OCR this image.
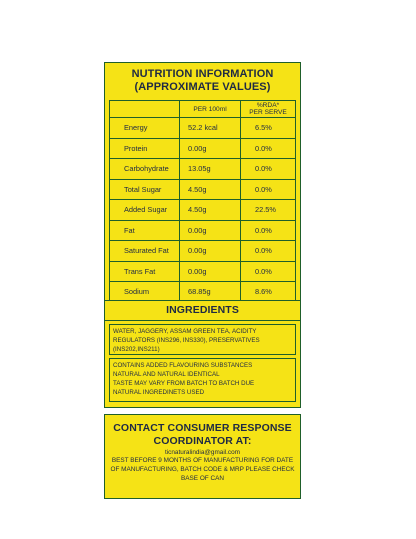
NUTRITION INFORMATION
(APPROXIMATE VALUES)
	PER 100ml	%RDA*
PER SERVE

Energy	52.2 kcal	6.5%
Protein	0.00g	0.0%
Carbohydrate	13.05g	0.0%
Total Sugar	4.50g	0.0%
Added Sugar	4.50g	22.5%
Fat	0.00g	0.0%
Saturated Fat	0.00g	0.0%
Trans Fat	0.00g	0.0%
Sodium	68.85g	8.6%
INGREDIENTS
WATER, JAGGERY, ASSAM GREEN TEA, ACIDITY REGULATORS (INS296, INS330), PRESERVATIVES (INS202,INS211)
CONTAINS ADDED FLAVOURING SUBSTANCES
NATURAL AND NATURAL IDENTICAL
TASTE MAY VARY FROM BATCH TO BATCH DUE
NATURAL INGREDINETS USED
CONTACT CONSUMER RESPONSE
COORDINATOR AT:
ticnaturalindia@gmail.com
BEST BEFORE 9 MONTHS OF MANUFACTURING FOR DATE OF MANUFACTURING, BATCH CODE & MRP PLEASE CHECK BASE OF CAN
